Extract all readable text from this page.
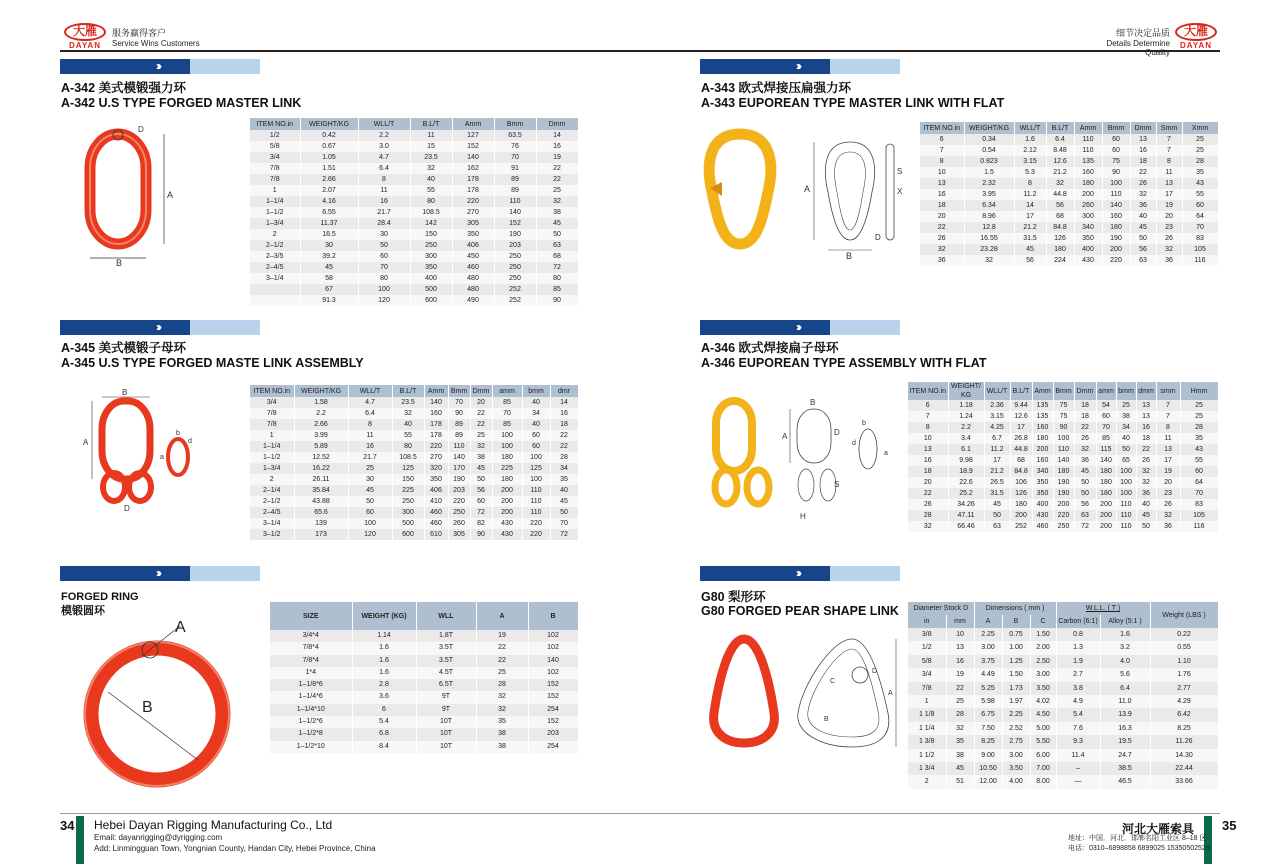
大雁
DAYAN
服务赢得客户
Service Wins Customers
细节决定品质
Details Determine Quality
大雁
DAYAN
›››
A-342 美式模锻强力环
A-342 U.S TYPE FORGED MASTER LINK
A
B
D
ITEM NO.in	WEIGHT/KG	WLL/T	B.L/T	Amm	Bmm	Dmm
1/2	0.42	2.2	11	127	63.5	14
5/8	0.67	3.0	15	152	76	16
3/4	1.05	4.7	23.5	140	70	19
7/8	1.51	6.4	32	162	91	22
7/8	2.66	8	40	178	89	22
1	2.07	11	55	178	89	25
1–1/4	4.16	16	80	220	110	32
1–1/2	6.55	21.7	108.5	270	140	38
1–3/4	11.37	28.4	142	305	152	45
2	16.5	30	150	350	190	50
2–1/2	30	50	250	406	203	63
2–3/5	39.2	60	300	450	250	68
2–4/5	45	70	350	460	250	72
3–1/4	58	80	400	480	250	80
	67	100	500	480	252	85
	91.3	120	600	490	252	90
›››
A-343 欧式焊接压扁强力环
A-343 EUPOREAN TYPE MASTER LINK WITH FLAT
A
B
D
S
X
ITEM NO.in	WEIGHT/KG	WLL/T	B.L/T	Amm	Bmm	Dmm	Smm	Xmm
6	0.34	1.6	6.4	110	60	13	7	25
7	0.54	2.12	8.48	110	60	16	7	25
8	0.823	3.15	12.6	135	75	18	8	28
10	1.5	5.3	21.2	160	90	22	11	35
13	2.32	8	32	180	100	26	13	43
16	3.95	11.2	44.8	200	110	32	17	55
18	6.34	14	56	260	140	36	19	60
20	8.96	17	68	300	160	40	20	64
22	12.8	21.2	84.8	340	180	45	23	70
26	16.55	31.5	126	350	190	50	26	83
32	23.28	45	180	400	200	56	32	105
36	32	56	224	430	220	63	36	116
›››
A-345 美式模锻子母环
A-345 U.S TYPE FORGED MASTE LINK ASSEMBLY
A
B
D
a
b
d
ITEM NO.in	WEIGHT/KG	WLL/T	B.L/T	Amm	Bmm	Dmm	amm	bmm	dmr
3/4	1.58	4.7	23.5	140	70	20	85	40	14
7/8	2.2	6.4	32	160	90	22	70	34	16
7/8	2.66	8	40	178	89	22	85	40	18
1	3.99	11	55	178	89	25	100	60	22
1–1/4	5.89	16	80	220	110	32	100	60	22
1–1/2	12.52	21.7	108.5	270	140	38	180	100	28
1–3/4	16.22	25	125	320	170	45	225	125	34
2	26.11	30	150	350	190	50	180	100	35
2–1/4	35.84	45	225	406	203	56	200	110	40
2–1/2	43.88	50	250	410	220	60	200	110	45
2–4/5	65.6	60	300	460	250	72	200	110	50
3–1/4	139	100	500	460	260	82	430	220	70
3–1/2	173	120	600	610	305	90	430	220	72
›››
A-346 欧式焊接扁子母环
A-346 EUPOREAN TYPE ASSEMBLY WITH FLAT
A
B
D
S
H
a
b
d
ITEM NO.in	WEIGHT/ KG	WLL/T	B.L/T	Amm	Bmm	Dmm	amm	bmm	dmm	smm	Hmm
6	1.18	2.36	9.44	135	75	18	54	25	13	7	25
7	1.24	3.15	12.6	135	75	18	60	38	13	7	25
8	2.2	4.25	17	160	90	22	70	34	16	8	28
10	3.4	6.7	26.8	180	100	26	85	40	18	11	35
13	6.1	11.2	44.8	200	110	32	115	50	22	13	43
16	9.98	17	68	160	140	36	140	65	26	17	55
18	18.9	21.2	84.8	340	180	45	180	100	32	19	60
20	22.6	26.5	106	350	190	50	180	100	32	20	64
22	25.2	31.5	126	350	190	50	180	100	36	23	70
26	34.26	45	180	400	200	56	200	110	40	26	83
28	47.11	50	200	430	220	63	200	110	45	32	105
32	66.46	63	252	460	250	72	200	110	50	36	116
›››
FORGED RING
模锻圆环
A
B
SIZE	WEIGHT (KG)	WLL	A	B
3/4*4	1.14	1.8T	19	102
7/8*4	1.6	3.5T	22	102
7/8*4	1.6	3.5T	22	140
1*4	1.6	4.5T	25	102
1–1/8*6	2.8	6.5T	28	152
1–1/4*6	3.6	9T	32	152
1–1/4*10	6	9T	32	254
1–1/2*6	5.4	10T	35	152
1–1/2*8	6.8	10T	38	203
1–1/2*10	8.4	10T	38	254
›››
G80 梨形环
G80 FORGED PEAR SHAPE LINK
A
B
C
D
Diameter Stock D		Dimensions ( mm )			W.L.L. ( T )		Weight (LBS )
in	mm	A	B	C	Carbon (6:1)	Alloy (5:1 )	
3/8	10	2.25	0.75	1.50	0.8	1.6	0.22
1/2	13	3.00	1.00	2.00	1.3	3.2	0.55
5/8	16	3.75	1.25	2.50	1.9	4.0	1.10
3/4	19	4.49	1.50	3.00	2.7	5.6	1.76
7/8	22	5.25	1.73	3.50	3.8	6.4	2.77
1	25	5.98	1.97	4.02	4.9	11.0	4.29
1 1/8	28	6.75	2.25	4.50	5.4	13.9	6.42
1 1/4	32	7.50	2.52	5.00	7.6	16.3	8.25
1 3/8	35	8.25	2.75	5.50	9.3	19.5	11.26
1 1/2	38	9.00	3.00	6.00	11.4	24.7	14.30
1 3/4	45	10.50	3.50	7.00	–	38.5	22.44
2	51	12.00	4.00	8.00	—	46.5	33.66
34 Hebei Dayan Rigging Manufacturing Co., Ltd
Email: dayanrigging@dyrigging.com
Add: Linmingguan Town, Yongnian County, Handan City, Hebei Province, China
35
河北大雁索具
地址：中国．河北．邯郸名阳工业区 8–18 区
电话：0310–6898858 6899025 15350502529
